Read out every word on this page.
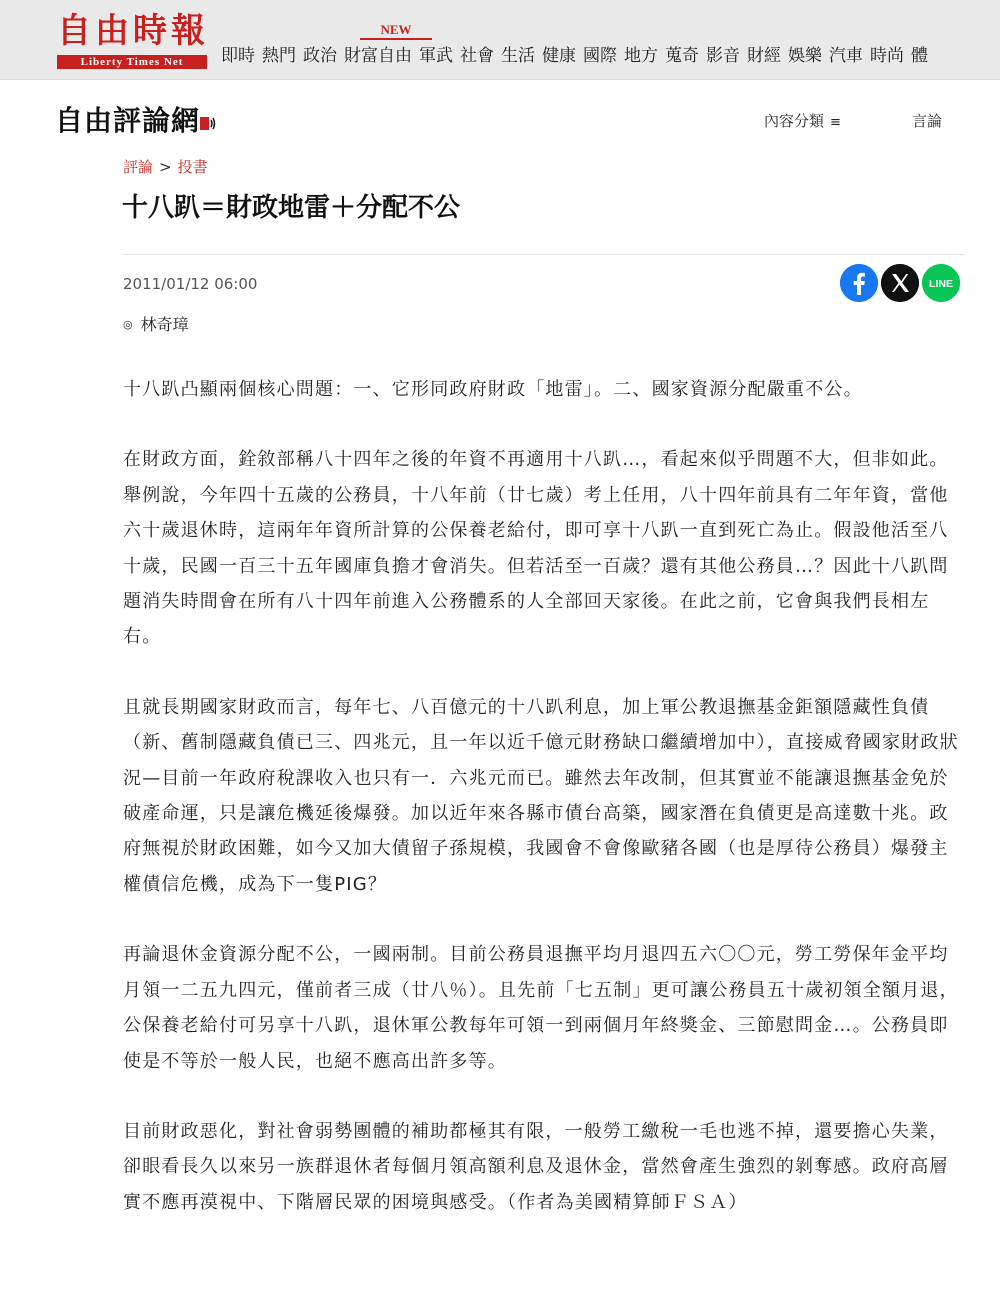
自由時報
Liberty Times Net
NEW
即時 熱門 政治 財富自由 軍武 社會 生活 健康 國際 地方 蒐奇 影音 財經 娛樂 汽車 時尚 體
自由評論網	內容分類 ≡	言論
評論 > 投書
十八趴＝財政地雷＋分配不公
2011/01/12 06:00	LINE
◎ 林奇璋

十八趴凸顯兩個核心問題：一、它形同政府財政「地雷」。二、國家資源分配嚴重不公。

在財政方面，銓敘部稱八十四年之後的年資不再適用十八趴…，看起來似乎問題不大，但非如此。舉例說，今年四十五歲的公務員，十八年前（廿七歲）考上任用，八十四年前具有二年年資，當他六十歲退休時，這兩年年資所計算的公保養老給付，即可享十八趴一直到死亡為止。假設他活至八十歲，民國一百三十五年國庫負擔才會消失。但若活至一百歲？還有其他公務員…？因此十八趴問題消失時間會在所有八十四年前進入公務體系的人全部回天家後。在此之前，它會與我們長相左右。

且就長期國家財政而言，每年七、八百億元的十八趴利息，加上軍公教退撫基金鉅額隱藏性負債（新、舊制隱藏負債已三、四兆元，且一年以近千億元財務缺口繼續增加中），直接威脅國家財政狀況—目前一年政府稅課收入也只有一．六兆元而已。雖然去年改制，但其實並不能讓退撫基金免於破產命運，只是讓危機延後爆發。加以近年來各縣市債台高築，國家潛在負債更是高達數十兆。政府無視於財政困難，如今又加大債留子孫規模，我國會不會像歐豬各國（也是厚待公務員）爆發主權債信危機，成為下一隻PIG？

再論退休金資源分配不公，一國兩制。目前公務員退撫平均月退四五六〇〇元，勞工勞保年金平均月領一二五九四元，僅前者三成（廿八％）。且先前「七五制」更可讓公務員五十歲初領全額月退，公保養老給付可另享十八趴，退休軍公教每年可領一到兩個月年終獎金、三節慰問金…。公務員即使是不等於一般人民，也絕不應高出許多等。

目前財政惡化，對社會弱勢團體的補助都極其有限，一般勞工繳稅一毛也逃不掉，還要擔心失業，卻眼看長久以來另一族群退休者每個月領高額利息及退休金，當然會產生強烈的剝奪感。政府高層實不應再漠視中、下階層民眾的困境與感受。（作者為美國精算師ＦＳＡ）
